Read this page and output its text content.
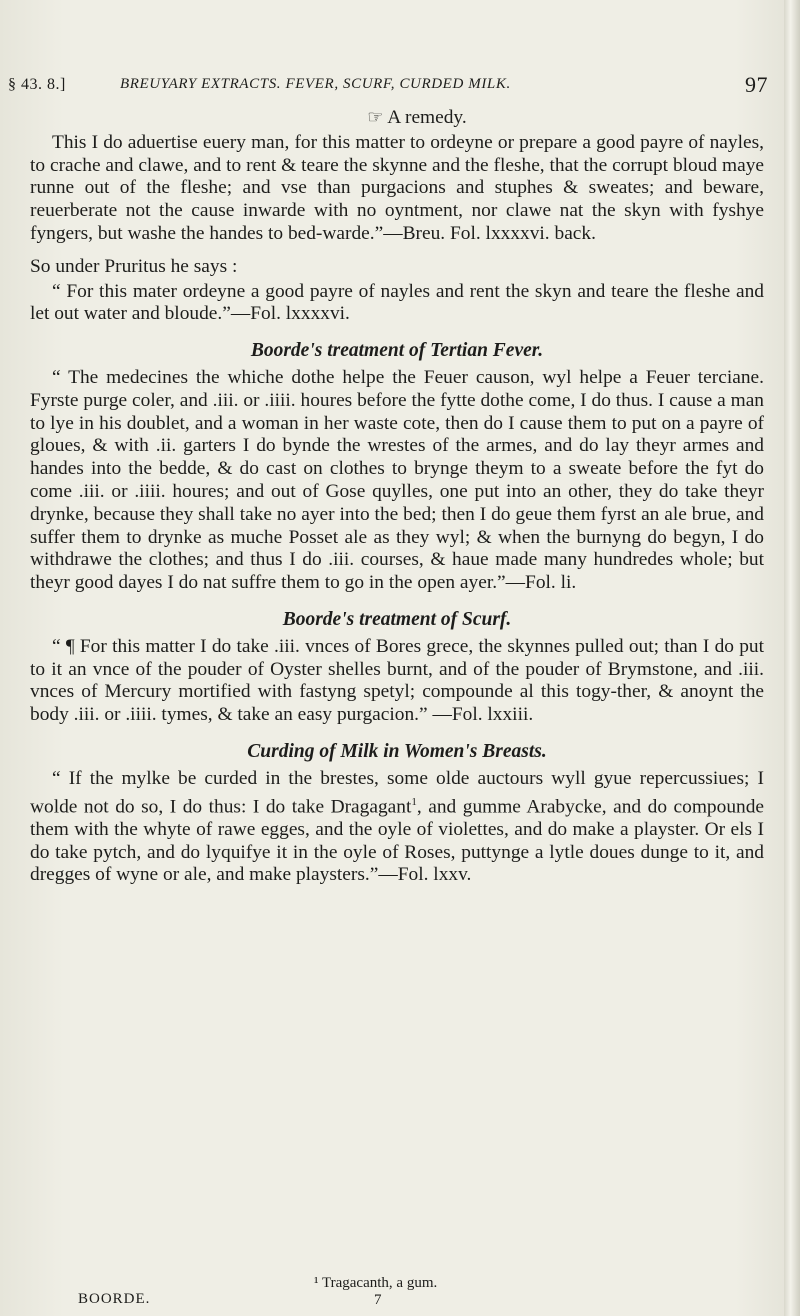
§ 43. 8.]	BREUYARY EXTRACTS. FEVER, SCURF, CURDED MILK.	97

☞ A remedy.

This I do aduertise euery man, for this matter to ordeyne or prepare a good payre of nayles, to crache and clawe, and to rent & teare the skynne and the fleshe, that the corrupt bloud maye runne out of the fleshe; and vse than purgacions and stuphes & sweates; and beware, reuerberate not the cause inwarde with no oyntment, nor clawe nat the skyn with fyshye fyngers, but washe the handes to bed-warde.”—Breu. Fol. lxxxxvi. back.

So under Pruritus he says :

“ For this mater ordeyne a good payre of nayles and rent the skyn and teare the fleshe and let out water and bloude.”—Fol. lxxxxvi.

Boorde's treatment of Tertian Fever.

“ The medecines the whiche dothe helpe the Feuer causon, wyl helpe a Feuer terciane. Fyrste purge coler, and .iii. or .iiii. houres before the fytte dothe come, I do thus. I cause a man to lye in his doublet, and a woman in her waste cote, then do I cause them to put on a payre of gloues, & with .ii. garters I do bynde the wrestes of the armes, and do lay theyr armes and handes into the bedde, & do cast on clothes to brynge theym to a sweate before the fyt do come .iii. or .iiii. houres; and out of Gose quylles, one put into an other, they do take theyr drynke, because they shall take no ayer into the bed; then I do geue them fyrst an ale brue, and suffer them to drynke as muche Posset ale as they wyl; & when the burnyng do begyn, I do withdrawe the clothes; and thus I do .iii. courses, & haue made many hundredes whole; but theyr good dayes I do nat suffre them to go in the open ayer.”—Fol. li.

Boorde's treatment of Scurf.

“ ¶ For this matter I do take .iii. vnces of Bores grece, the skynnes pulled out; than I do put to it an vnce of the pouder of Oyster shelles burnt, and of the pouder of Brymstone, and .iii. vnces of Mercury mortified with fastyng spetyl; compounde al this togy-ther, & anoynt the body .iii. or .iiii. tymes, & take an easy purgacion.” —Fol. lxxiii.

Curding of Milk in Women's Breasts.

“ If the mylke be curded in the brestes, some olde auctours wyll gyue repercussiues; I wolde not do so, I do thus: I do take Dragagant$^1$, and gumme Arabycke, and do compounde them with the whyte of rawe egges, and the oyle of violettes, and do make a playster. Or els I do take pytch, and do lyquifye it in the oyle of Roses, puttynge a lytle doues dunge to it, and dregges of wyne or ale, and make playsters.”—Fol. lxxv.

¹ Tragacanth, a gum.
BOORDE.	7
